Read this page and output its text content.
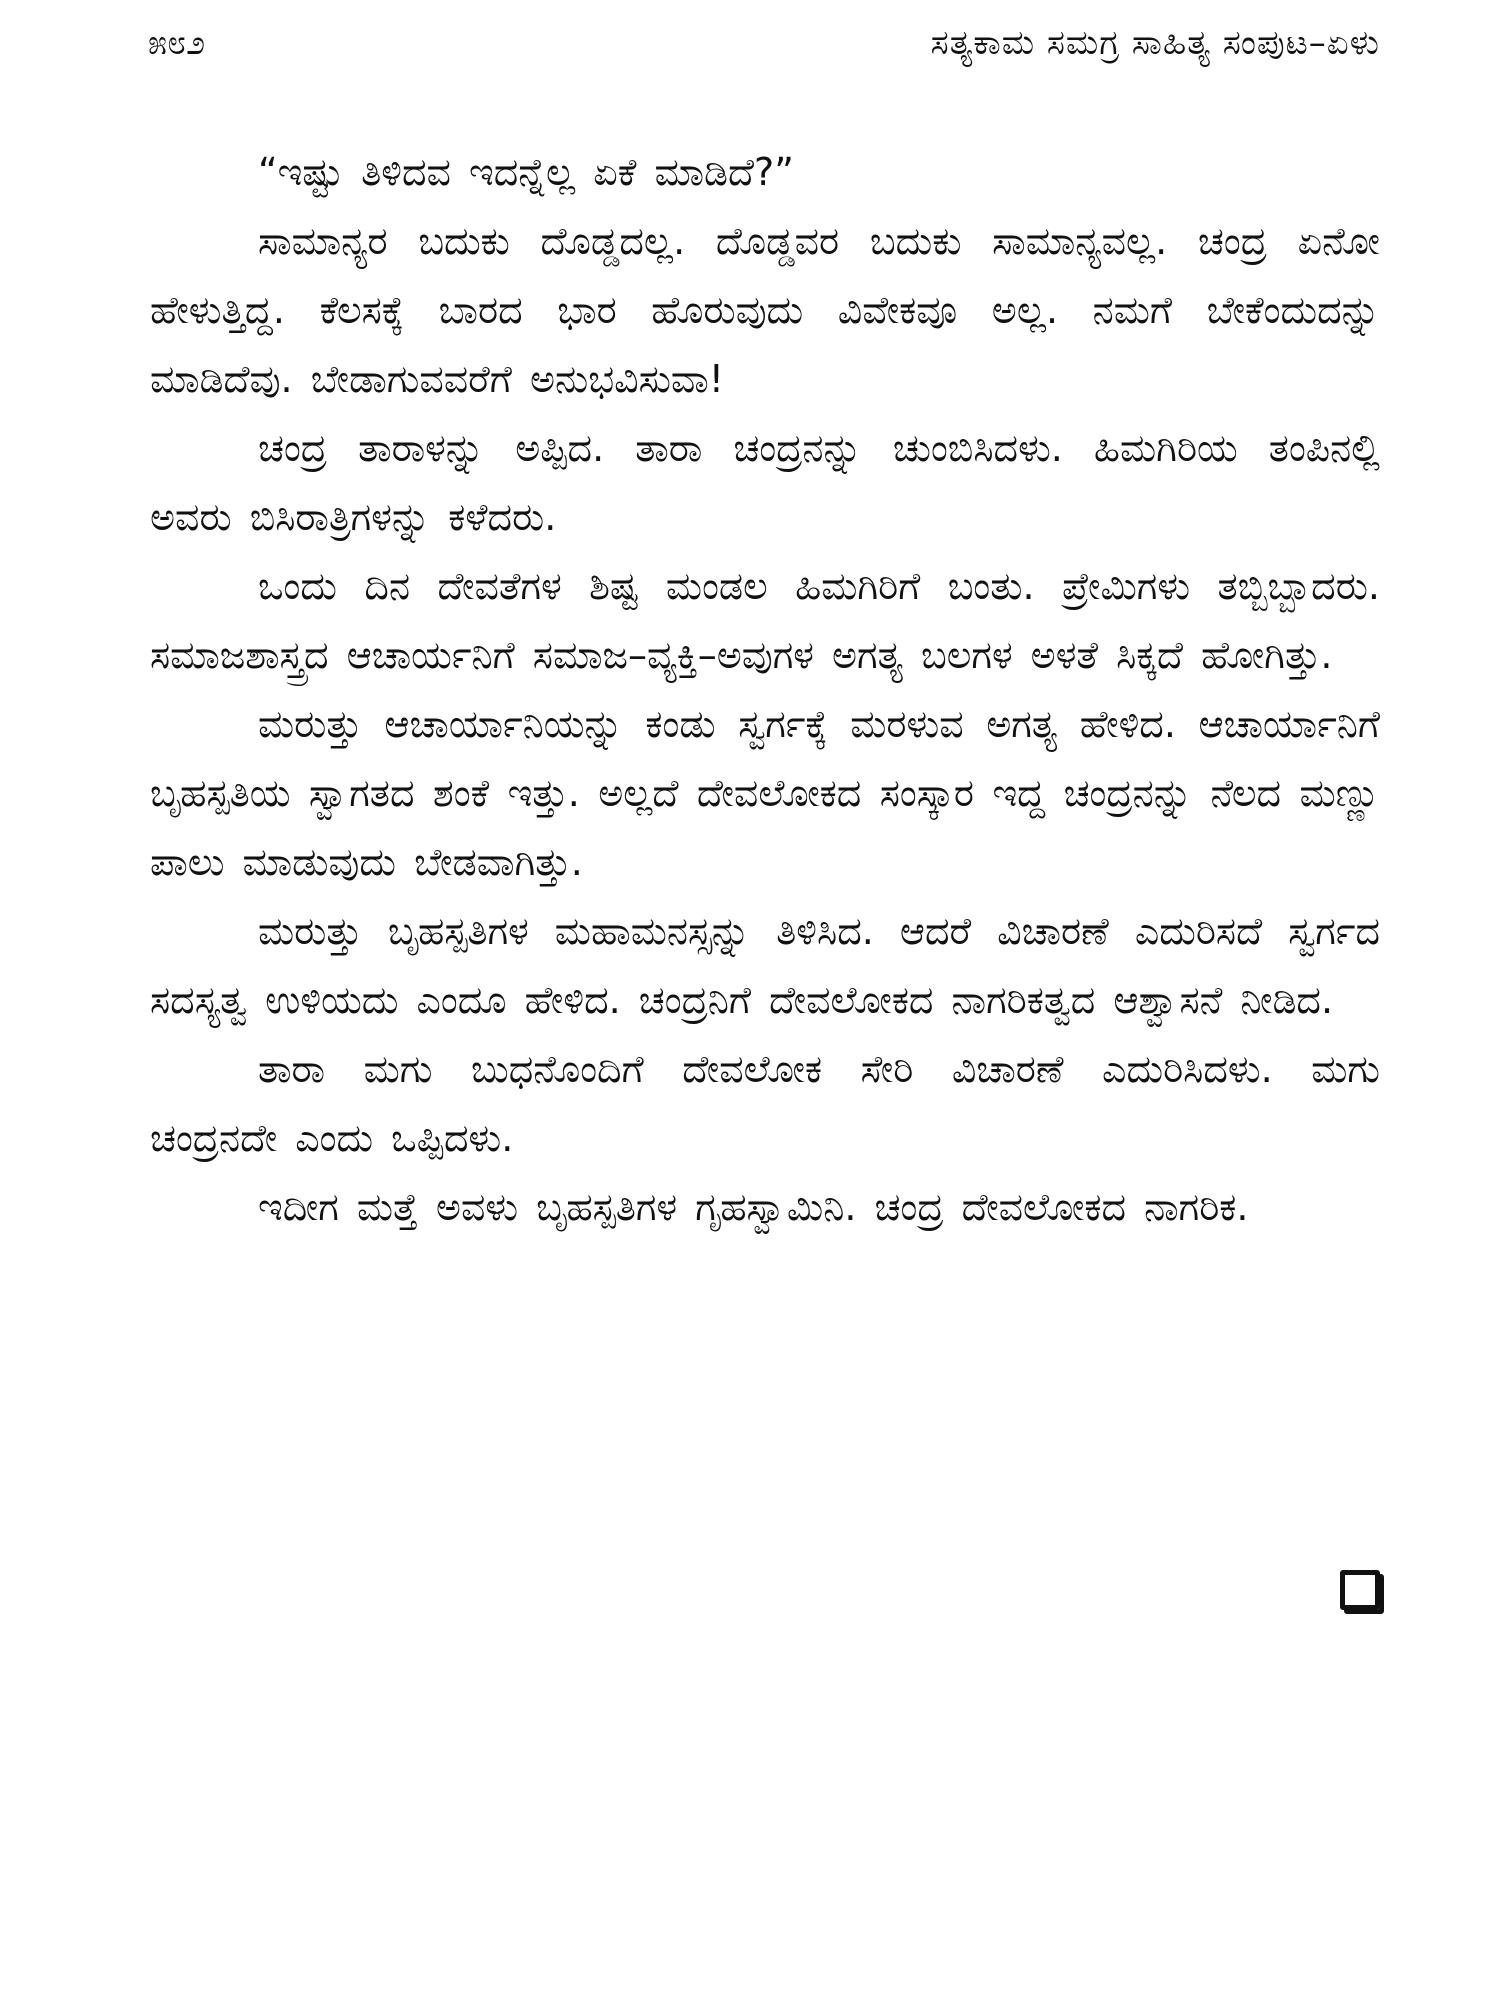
೫೮೨	ಸತ್ಯಕಾಮ ಸಮಗ್ರ ಸಾಹಿತ್ಯ ಸಂಪುಟ–ಏಳು

“ಇಷ್ಟು ತಿಳಿದವ ಇದನ್ನೆಲ್ಲ ಏಕೆ ಮಾಡಿದೆ?”

ಸಾಮಾನ್ಯರ ಬದುಕು ದೊಡ್ಡದಲ್ಲ. ದೊಡ್ಡವರ ಬದುಕು ಸಾಮಾನ್ಯವಲ್ಲ. ಚಂದ್ರ ಏನೋ ಹೇಳುತ್ತಿದ್ದ. ಕೆಲಸಕ್ಕೆ ಬಾರದ ಭಾರ ಹೊರುವುದು ವಿವೇಕವೂ ಅಲ್ಲ. ನಮಗೆ ಬೇಕೆಂದುದನ್ನು ಮಾಡಿದೆವು. ಬೇಡಾಗುವವರೆಗೆ ಅನುಭವಿಸುವಾ!

ಚಂದ್ರ ತಾರಾಳನ್ನು ಅಪ್ಪಿದ. ತಾರಾ ಚಂದ್ರನನ್ನು ಚುಂಬಿಸಿದಳು. ಹಿಮಗಿರಿಯ ತಂಪಿನಲ್ಲಿ ಅವರು ಬಿಸಿರಾತ್ರಿಗಳನ್ನು ಕಳೆದರು.

ಒಂದು ದಿನ ದೇವತೆಗಳ ಶಿಷ್ಟ ಮಂಡಲ ಹಿಮಗಿರಿಗೆ ಬಂತು. ಪ್ರೇಮಿಗಳು ತಬ್ಬಿಬ್ಬಾದರು. ಸಮಾಜಶಾಸ್ತ್ರದ ಆಚಾರ್ಯನಿಗೆ ಸಮಾಜ–ವ್ಯಕ್ತಿ–ಅವುಗಳ ಅಗತ್ಯ ಬಲಗಳ ಅಳತೆ ಸಿಕ್ಕದೆ ಹೋಗಿತ್ತು.

ಮರುತ್ತು ಆಚಾರ್ಯಾನಿಯನ್ನು ಕಂಡು ಸ್ವರ್ಗಕ್ಕೆ ಮರಳುವ ಅಗತ್ಯ ಹೇಳಿದ. ಆಚಾರ್ಯಾನಿಗೆ ಬೃಹಸ್ಪತಿಯ ಸ್ವಾಗತದ ಶಂಕೆ ಇತ್ತು. ಅಲ್ಲದೆ ದೇವಲೋಕದ ಸಂಸ್ಕಾರ ಇದ್ದ ಚಂದ್ರನನ್ನು ನೆಲದ ಮಣ್ಣು ಪಾಲು ಮಾಡುವುದು ಬೇಡವಾಗಿತ್ತು.

ಮರುತ್ತು ಬೃಹಸ್ಪತಿಗಳ ಮಹಾಮನಸ್ಸನ್ನು ತಿಳಿಸಿದ. ಆದರೆ ವಿಚಾರಣೆ ಎದುರಿಸದೆ ಸ್ವರ್ಗದ ಸದಸ್ಯತ್ವ ಉಳಿಯದು ಎಂದೂ ಹೇಳಿದ. ಚಂದ್ರನಿಗೆ ದೇವಲೋಕದ ನಾಗರಿಕತ್ವದ ಆಶ್ವಾಸನೆ ನೀಡಿದ.

ತಾರಾ ಮಗು ಬುಧನೊಂದಿಗೆ ದೇವಲೋಕ ಸೇರಿ ವಿಚಾರಣೆ ಎದುರಿಸಿದಳು. ಮಗು ಚಂದ್ರನದೇ ಎಂದು ಒಪ್ಪಿದಳು.

ಇದೀಗ ಮತ್ತೆ ಅವಳು ಬೃಹಸ್ಪತಿಗಳ ಗೃಹಸ್ವಾಮಿನಿ. ಚಂದ್ರ ದೇವಲೋಕದ ನಾಗರಿಕ.
